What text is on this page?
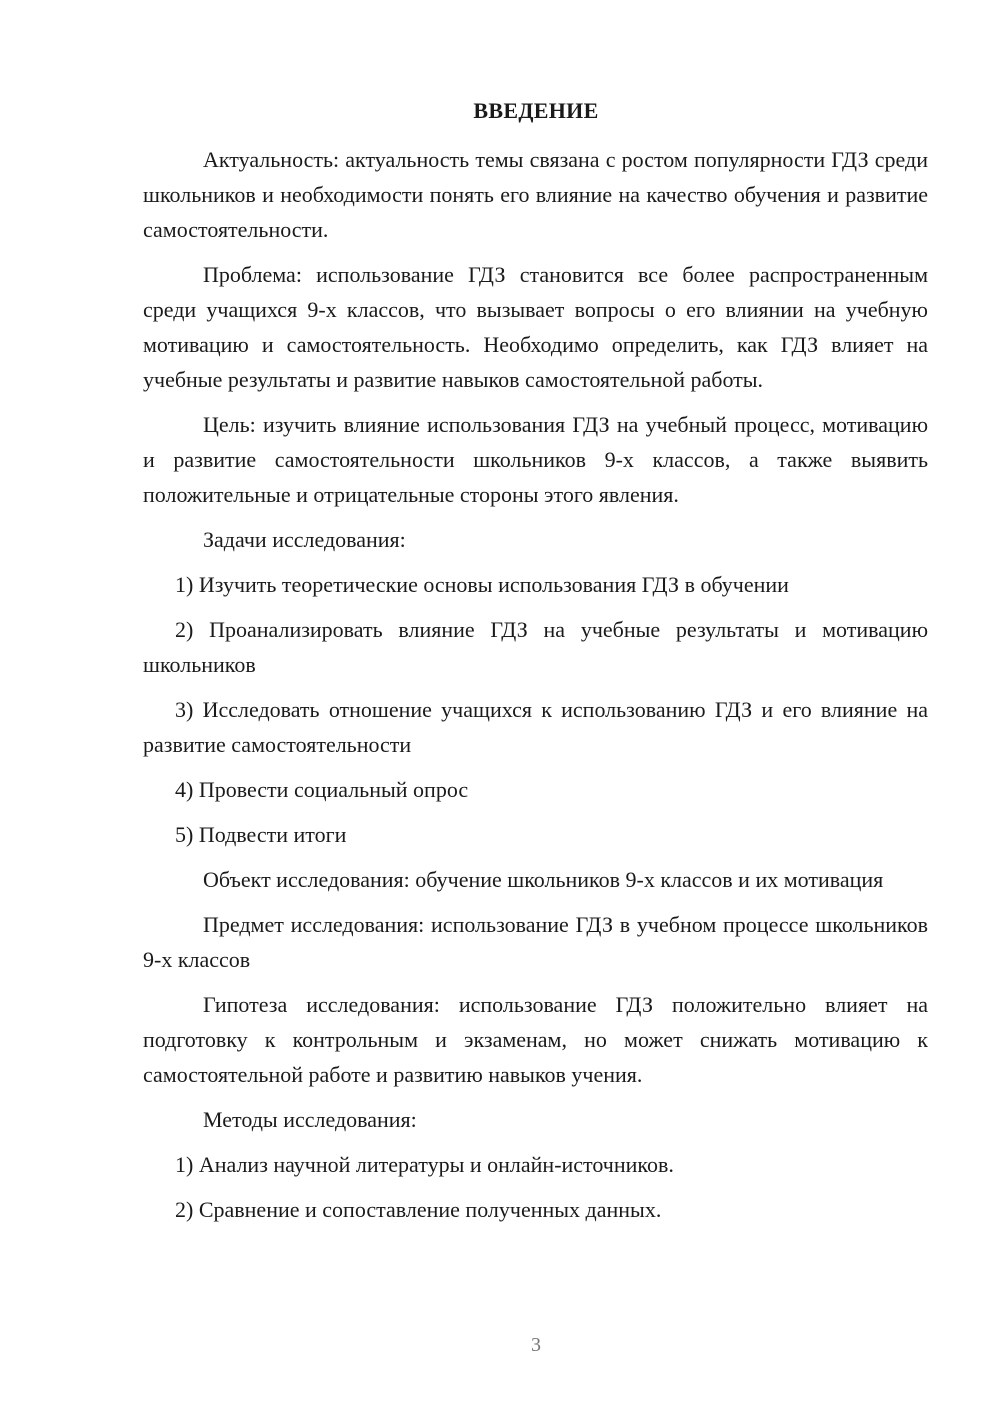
ВВЕДЕНИЕ

Актуальность: актуальность темы связана с ростом популярности ГДЗ среди школьников и необходимости понять его влияние на качество обучения и развитие самостоятельности.

Проблема: использование ГДЗ становится все более распространенным среди учащихся 9-х классов, что вызывает вопросы о его влиянии на учебную мотивацию и самостоятельность. Необходимо определить, как ГДЗ влияет на учебные результаты и развитие навыков самостоятельной работы.

Цель: изучить влияние использования ГДЗ на учебный процесс, мотивацию и развитие самостоятельности школьников 9-х классов, а также выявить положительные и отрицательные стороны этого явления.

Задачи исследования:

1) Изучить теоретические основы использования ГДЗ в обучении

2) Проанализировать влияние ГДЗ на учебные результаты и мотивацию школьников

3) Исследовать отношение учащихся к использованию ГДЗ и его влияние на развитие самостоятельности

4) Провести социальный опрос

5) Подвести итоги

Объект исследования: обучение школьников 9-х классов и их мотивация

Предмет исследования: использование ГДЗ в учебном процессе школьников 9-х классов

Гипотеза исследования: использование ГДЗ положительно влияет на подготовку к контрольным и экзаменам, но может снижать мотивацию к самостоятельной работе и развитию навыков учения.

Методы исследования:

1) Анализ научной литературы и онлайн-источников.

2) Сравнение и сопоставление полученных данных.

3
